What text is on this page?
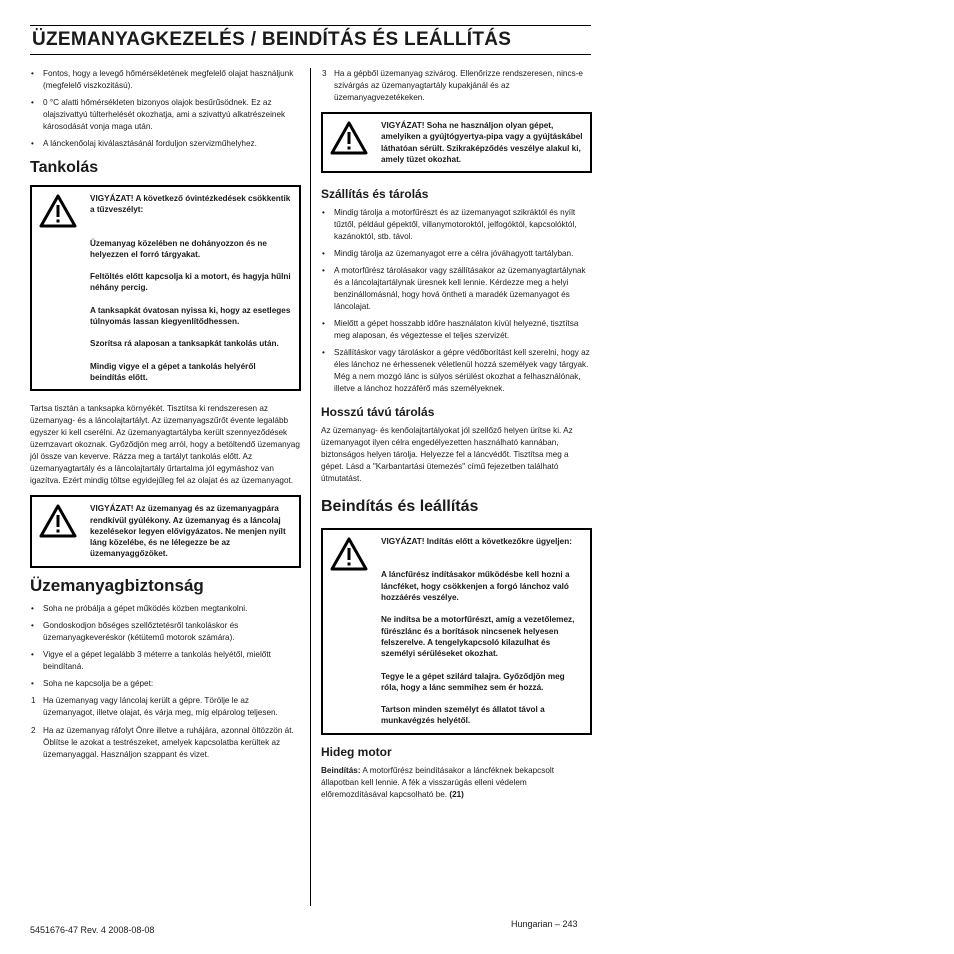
ÜZEMANYAGKEZELÉS / BEINDÍTÁS ÉS LEÁLLÍTÁS
• Fontos, hogy a levegő hőmérsékletének megfelelő olajat használjunk (megfelelő viszkozitású).
• 0 °C alatti hőmérsékleten bizonyos olajok besűrűsödnek. Ez az olajszivattyú túlterhelését okozhatja, ami a szivattyú alkatrészeinek károsodását vonja maga után.
• A lánckenőolaj kiválasztásánál forduljon szervizműhelyhez.
Tankolás

VIGYÁZAT! A következő óvintézkedések csökkentik a tűzveszélyt:

Üzemanyag közelében ne dohányozzon és ne helyezzen el forró tárgyakat.

Feltöltés előtt kapcsolja ki a motort, és hagyja hűlni néhány percig.

A tanksapkát óvatosan nyissa ki, hogy az esetleges túlnyomás lassan kiegyenlítődhessen.

Szorítsa rá alaposan a tanksapkát tankolás után.

Mindig vigye el a gépet a tankolás helyéről beindítás előtt.

Tartsa tisztán a tanksapka környékét. Tisztítsa ki rendszeresen az üzemanyag- és a láncolajtartályt. Az üzemanyagszűrőt évente legalább egyszer ki kell cserélni. Az üzemanyagtartályba került szennyeződések üzemzavart okoznak. Győződjön meg arról, hogy a betöltendő üzemanyag jól össze van keverve. Rázza meg a tartályt tankolás előtt. Az üzemanyagtartály és a láncolajtartály űrtartalma jól egymáshoz van igazítva. Ezért mindig töltse egyidejűleg fel az olajat és az üzemanyagot.

VIGYÁZAT! Az üzemanyag és az üzemanyagpára rendkívül gyúlékony. Az üzemanyag és a láncolaj kezelésekor legyen elővigyázatos. Ne menjen nyílt láng közelébe, és ne lélegezze be az üzemanyaggőzöket.

Üzemanyagbiztonság
• Soha ne próbálja a gépet működés közben megtankolni.
• Gondoskodjon bőséges szellőztetésről tankoláskor és üzemanyagkeveréskor (kétütemű motorok számára).
• Vigye el a gépet legalább 3 méterre a tankolás helyétől, mielőtt beindítaná.
• Soha ne kapcsolja be a gépet:
1 Ha üzemanyag vagy láncolaj került a gépre. Törölje le az üzemanyagot, illetve olajat, és várja meg, míg elpárolog teljesen.
2 Ha az üzemanyag ráfolyt Önre illetve a ruhájára, azonnal öltözzön át. Öblítse le azokat a testrészeket, amelyek kapcsolatba kerültek az üzemanyaggal. Használjon szappant és vizet.
3 Ha a gépből üzemanyag szivárog. Ellenőrizze rendszeresen, nincs-e szivárgás az üzemanyagtartály kupakjánál és az üzemanyagvezetékeken.

VIGYÁZAT! Soha ne használjon olyan gépet, amelyiken a gyújtógyertya-pipa vagy a gyújtáskábel láthatóan sérült. Szikraképződés veszélye alakul ki, amely tüzet okozhat.

Szállítás és tárolás
• Mindig tárolja a motorfűrészt és az üzemanyagot szikráktól és nyílt tűztől, például gépektől, villanymotoroktól, jelfogóktól, kapcsolóktól, kazánoktól, stb. távol.
• Mindig tárolja az üzemanyagot erre a célra jóváhagyott tartályban.
• A motorfűrész tárolásakor vagy szállításakor az üzemanyagtartálynak és a láncolajtartálynak üresnek kell lennie. Kérdezze meg a helyi benzinállomásnál, hogy hová öntheti a maradék üzemanyagot és láncolajat.
• Mielőtt a gépet hosszabb időre használaton kívül helyezné, tisztítsa meg alaposan, és végeztesse el teljes szervizét.
• Szállításkor vagy tároláskor a gépre védőborítást kell szerelni, hogy az éles lánchoz ne érhessenek véletlenül hozzá személyek vagy tárgyak. Még a nem mozgó lánc is súlyos sérülést okozhat a felhasználónak, illetve a lánchoz hozzáférő más személyeknek.
Hosszú távú tárolás

Az üzemanyag- és kenőolajtartályokat jól szellőző helyen ürítse ki. Az üzemanyagot ilyen célra engedélyezetten használható kannában, biztonságos helyen tárolja. Helyezze fel a láncvédőt. Tisztítsa meg a gépet. Lásd a "Karbantartási ütemezés" című fejezetben található útmutatást.

Beindítás és leállítás

VIGYÁZAT! Indítás előtt a következőkre ügyeljen:

A láncfűrész indításakor működésbe kell hozni a láncféket, hogy csökkenjen a forgó lánchoz való hozzáérés veszélye.

Ne indítsa be a motorfűrészt, amíg a vezetőlemez, fűrészlánc és a borítások nincsenek helyesen felszerelve. A tengelykapcsoló kilazulhat és személyi sérüléseket okozhat.

Tegye le a gépet szilárd talajra. Győződjön meg róla, hogy a lánc semmihez sem ér hozzá.

Tartson minden személyt és állatot távol a munkavégzés helyétől.

Hideg motor

Beindítás: A motorfűrész beindításakor a láncféknek bekapcsolt állapotban kell lennie. A fék a visszarúgás elleni védelem előremozdításával kapcsolható be. (21)

5451676-47 Rev. 4 2008-08-08
Hungarian – 243
